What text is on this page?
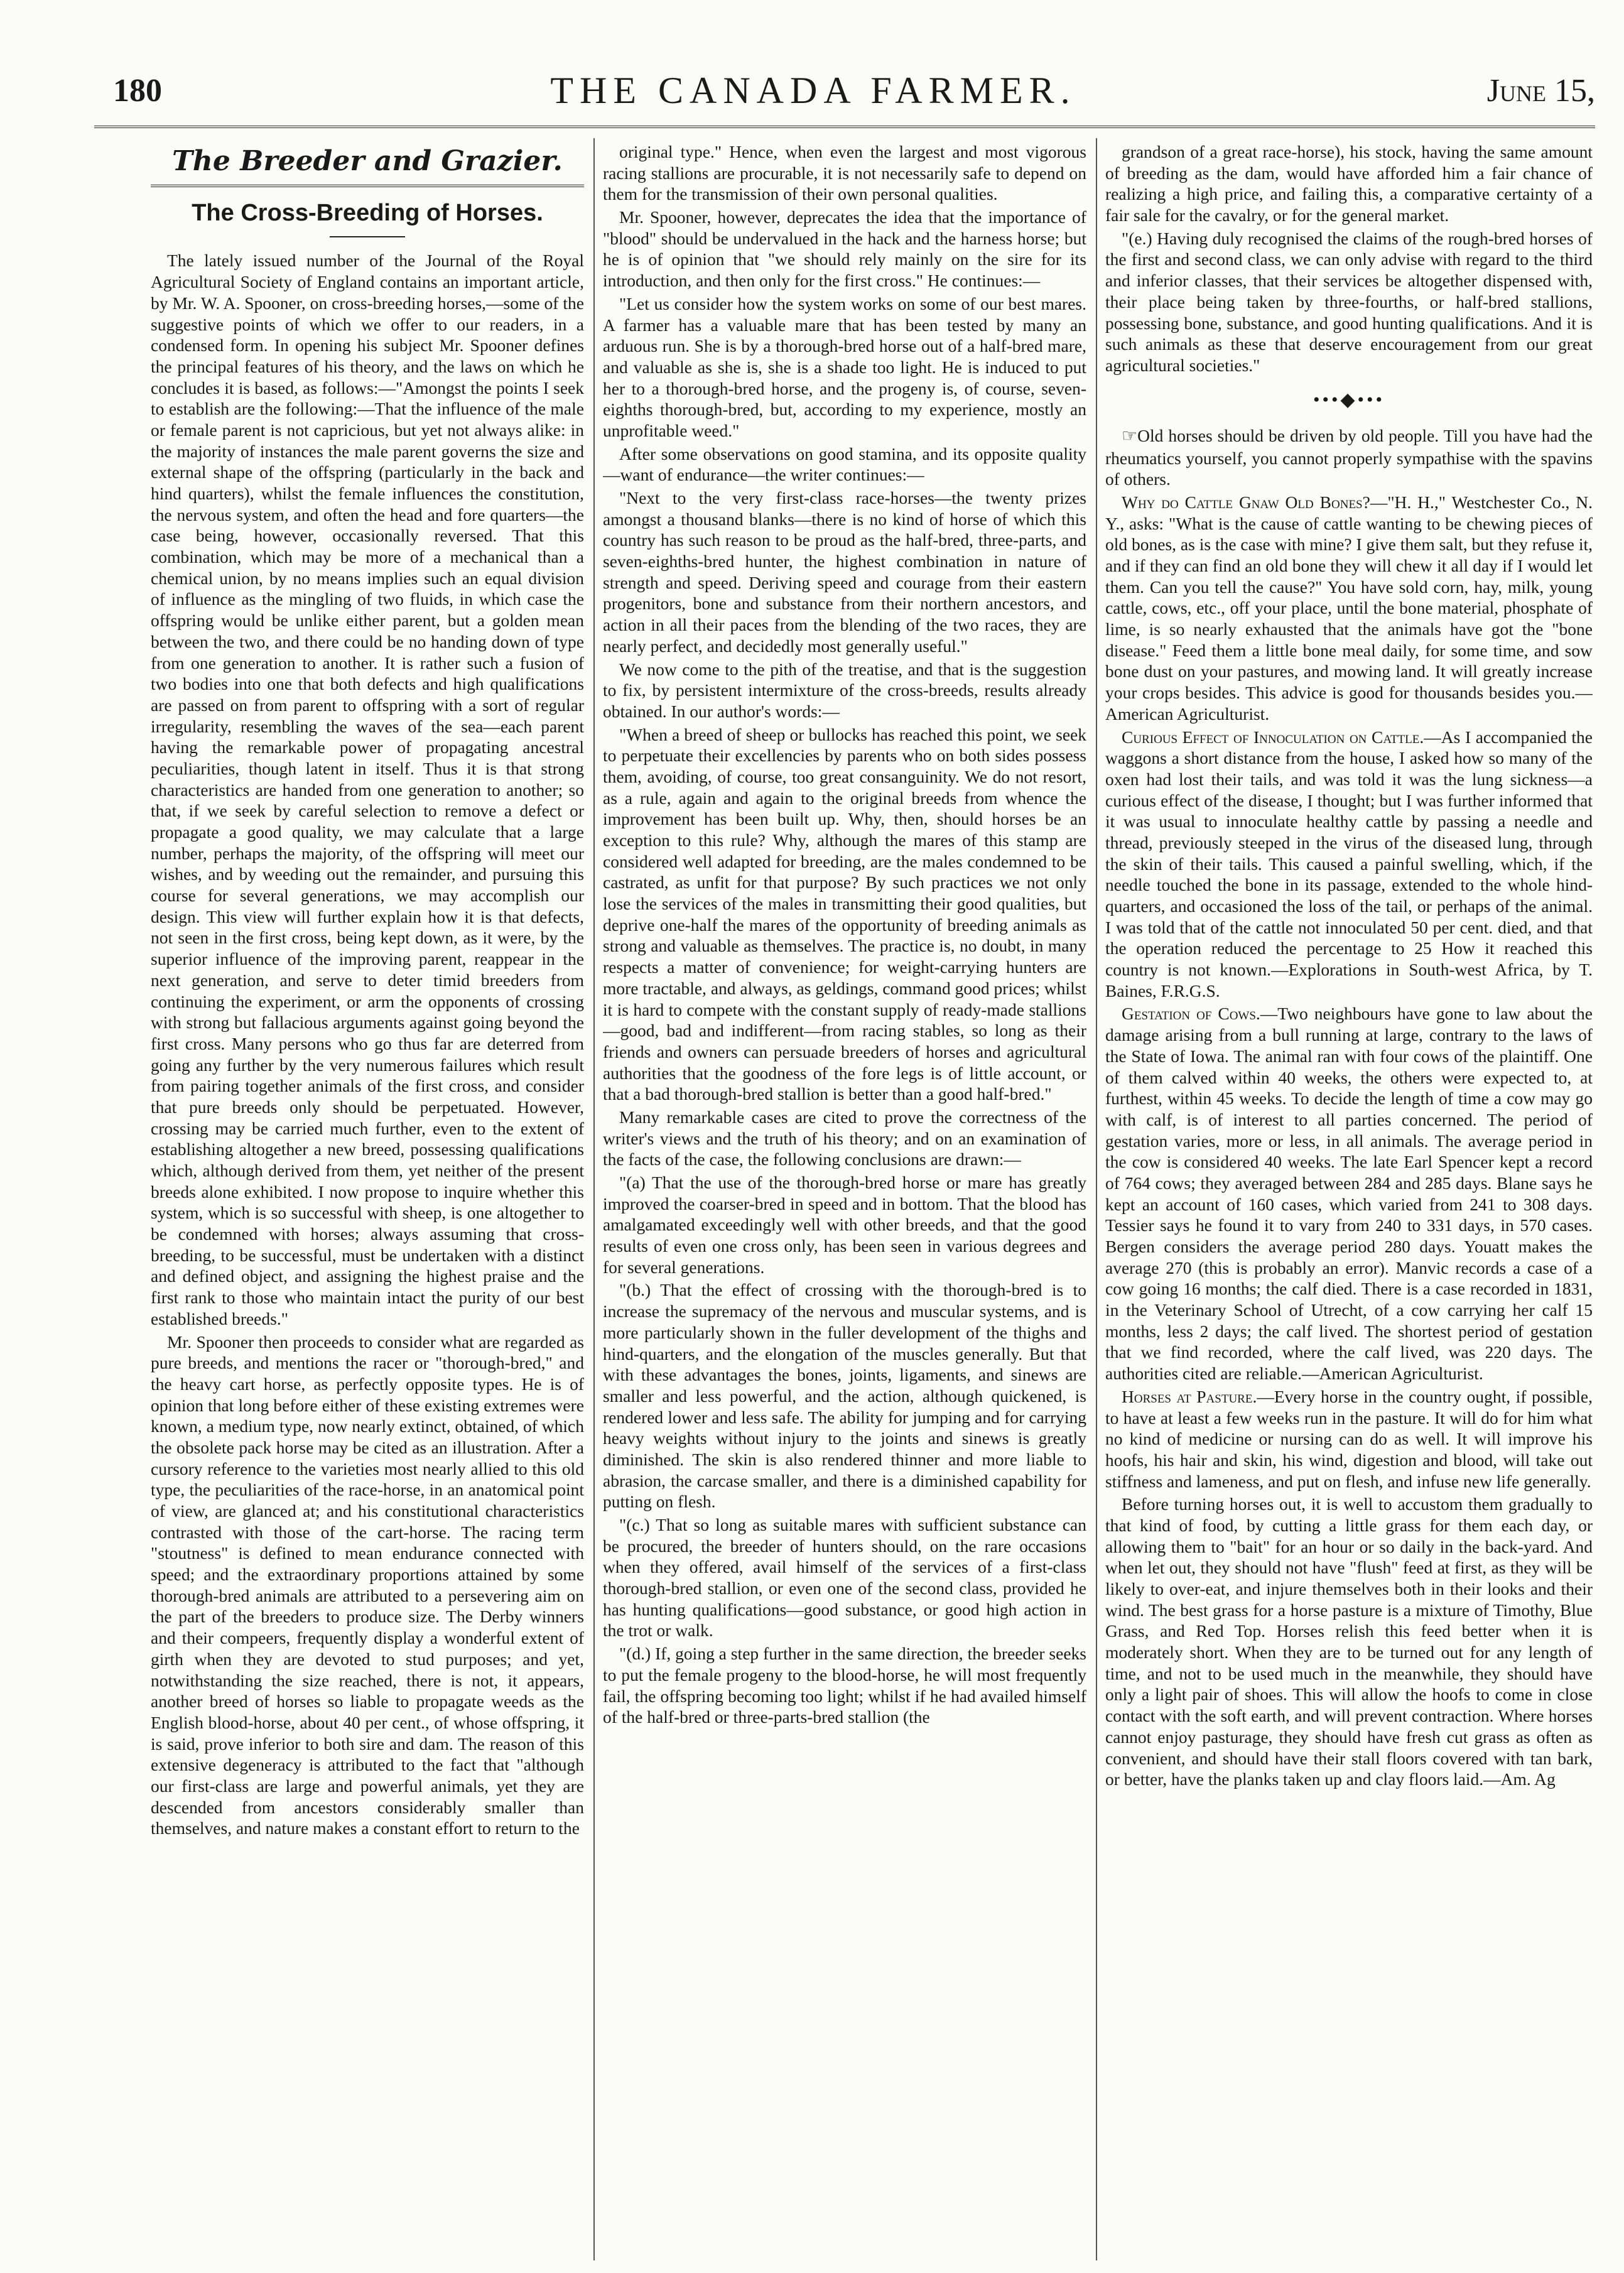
180	THE CANADA FARMER.	June 15,
The Breeder and Grazier.
The Cross-Breeding of Horses.

The lately issued number of the Journal of the Royal Agricultural Society of England contains an important article, by Mr. W. A. Spooner, on cross-breeding horses,—some of the suggestive points of which we offer to our readers, in a condensed form. In opening his subject Mr. Spooner defines the principal features of his theory, and the laws on which he concludes it is based, as follows:—"Amongst the points I seek to establish are the following:—That the influence of the male or female parent is not capricious, but yet not always alike: in the majority of instances the male parent governs the size and external shape of the offspring (particularly in the back and hind quarters), whilst the female influences the constitution, the nervous system, and often the head and fore quarters—the case being, however, occasionally reversed. That this combination, which may be more of a mechanical than a chemical union, by no means implies such an equal division of influence as the mingling of two fluids, in which case the offspring would be unlike either parent, but a golden mean between the two, and there could be no handing down of type from one generation to another. It is rather such a fusion of two bodies into one that both defects and high qualifications are passed on from parent to offspring with a sort of regular irregularity, resembling the waves of the sea—each parent having the remarkable power of propagating ancestral peculiarities, though latent in itself. Thus it is that strong characteristics are handed from one generation to another; so that, if we seek by careful selection to remove a defect or propagate a good quality, we may calculate that a large number, perhaps the majority, of the offspring will meet our wishes, and by weeding out the remainder, and pursuing this course for several generations, we may accomplish our design. This view will further explain how it is that defects, not seen in the first cross, being kept down, as it were, by the superior influence of the improving parent, reappear in the next generation, and serve to deter timid breeders from continuing the experiment, or arm the opponents of crossing with strong but fallacious arguments against going beyond the first cross. Many persons who go thus far are deterred from going any further by the very numerous failures which result from pairing together animals of the first cross, and consider that pure breeds only should be perpetuated. However, crossing may be carried much further, even to the extent of establishing altogether a new breed, possessing qualifications which, although derived from them, yet neither of the present breeds alone exhibited. I now propose to inquire whether this system, which is so successful with sheep, is one altogether to be condemned with horses; always assuming that cross-breeding, to be successful, must be undertaken with a distinct and defined object, and assigning the highest praise and the first rank to those who maintain intact the purity of our best established breeds."

Mr. Spooner then proceeds to consider what are regarded as pure breeds, and mentions the racer or "thorough-bred," and the heavy cart horse, as perfectly opposite types. He is of opinion that long before either of these existing extremes were known, a medium type, now nearly extinct, obtained, of which the obsolete pack horse may be cited as an illustration. After a cursory reference to the varieties most nearly allied to this old type, the peculiarities of the race-horse, in an anatomical point of view, are glanced at; and his constitutional characteristics contrasted with those of the cart-horse. The racing term "stoutness" is defined to mean endurance connected with speed; and the extraordinary proportions attained by some thorough-bred animals are attributed to a persevering aim on the part of the breeders to produce size. The Derby winners and their compeers, frequently display a wonderful extent of girth when they are devoted to stud purposes; and yet, notwithstanding the size reached, there is not, it appears, another breed of horses so liable to propagate weeds as the English blood-horse, about 40 per cent., of whose offspring, it is said, prove inferior to both sire and dam. The reason of this extensive degeneracy is attributed to the fact that "although our first-class are large and powerful animals, yet they are descended from ancestors considerably smaller than themselves, and nature makes a constant effort to return to the

original type." Hence, when even the largest and most vigorous racing stallions are procurable, it is not necessarily safe to depend on them for the transmission of their own personal qualities.

Mr. Spooner, however, deprecates the idea that the importance of "blood" should be undervalued in the hack and the harness horse; but he is of opinion that "we should rely mainly on the sire for its introduction, and then only for the first cross." He continues:—

"Let us consider how the system works on some of our best mares. A farmer has a valuable mare that has been tested by many an arduous run. She is by a thorough-bred horse out of a half-bred mare, and valuable as she is, she is a shade too light. He is induced to put her to a thorough-bred horse, and the progeny is, of course, seven-eighths thorough-bred, but, according to my experience, mostly an unprofitable weed."

After some observations on good stamina, and its opposite quality—want of endurance—the writer continues:—

"Next to the very first-class race-horses—the twenty prizes amongst a thousand blanks—there is no kind of horse of which this country has such reason to be proud as the half-bred, three-parts, and seven-eighths-bred hunter, the highest combination in nature of strength and speed. Deriving speed and courage from their eastern progenitors, bone and substance from their northern ancestors, and action in all their paces from the blending of the two races, they are nearly perfect, and decidedly most generally useful."

We now come to the pith of the treatise, and that is the suggestion to fix, by persistent intermixture of the cross-breeds, results already obtained. In our author's words:—

"When a breed of sheep or bullocks has reached this point, we seek to perpetuate their excellencies by parents who on both sides possess them, avoiding, of course, too great consanguinity. We do not resort, as a rule, again and again to the original breeds from whence the improvement has been built up. Why, then, should horses be an exception to this rule? Why, although the mares of this stamp are considered well adapted for breeding, are the males condemned to be castrated, as unfit for that purpose? By such practices we not only lose the services of the males in transmitting their good qualities, but deprive one-half the mares of the opportunity of breeding animals as strong and valuable as themselves. The practice is, no doubt, in many respects a matter of convenience; for weight-carrying hunters are more tractable, and always, as geldings, command good prices; whilst it is hard to compete with the constant supply of ready-made stallions—good, bad and indifferent—from racing stables, so long as their friends and owners can persuade breeders of horses and agricultural authorities that the goodness of the fore legs is of little account, or that a bad thorough-bred stallion is better than a good half-bred."

Many remarkable cases are cited to prove the correctness of the writer's views and the truth of his theory; and on an examination of the facts of the case, the following conclusions are drawn:—

"(a) That the use of the thorough-bred horse or mare has greatly improved the coarser-bred in speed and in bottom. That the blood has amalgamated exceedingly well with other breeds, and that the good results of even one cross only, has been seen in various degrees and for several generations.

"(b.) That the effect of crossing with the thorough-bred is to increase the supremacy of the nervous and muscular systems, and is more particularly shown in the fuller development of the thighs and hind-quarters, and the elongation of the muscles generally. But that with these advantages the bones, joints, ligaments, and sinews are smaller and less powerful, and the action, although quickened, is rendered lower and less safe. The ability for jumping and for carrying heavy weights without injury to the joints and sinews is greatly diminished. The skin is also rendered thinner and more liable to abrasion, the carcase smaller, and there is a diminished capability for putting on flesh.

"(c.) That so long as suitable mares with sufficient substance can be procured, the breeder of hunters should, on the rare occasions when they offered, avail himself of the services of a first-class thorough-bred stallion, or even one of the second class, provided he has hunting qualifications—good substance, or good high action in the trot or walk.

"(d.) If, going a step further in the same direction, the breeder seeks to put the female progeny to the blood-horse, he will most frequently fail, the offspring becoming too light; whilst if he had availed himself of the half-bred or three-parts-bred stallion (the

grandson of a great race-horse), his stock, having the same amount of breeding as the dam, would have afforded him a fair chance of realizing a high price, and failing this, a comparative certainty of a fair sale for the cavalry, or for the general market.

"(e.) Having duly recognised the claims of the rough-bred horses of the first and second class, we can only advise with regard to the third and inferior classes, that their services be altogether dispensed with, their place being taken by three-fourths, or half-bred stallions, possessing bone, substance, and good hunting qualifications. And it is such animals as these that deserve encouragement from our great agricultural societies."

•••◆•••

☞Old horses should be driven by old people. Till you have had the rheumatics yourself, you cannot properly sympathise with the spavins of others.

Why do Cattle Gnaw Old Bones?—"H. H.," Westchester Co., N. Y., asks: "What is the cause of cattle wanting to be chewing pieces of old bones, as is the case with mine? I give them salt, but they refuse it, and if they can find an old bone they will chew it all day if I would let them. Can you tell the cause?" You have sold corn, hay, milk, young cattle, cows, etc., off your place, until the bone material, phosphate of lime, is so nearly exhausted that the animals have got the "bone disease." Feed them a little bone meal daily, for some time, and sow bone dust on your pastures, and mowing land. It will greatly increase your crops besides. This advice is good for thousands besides you.—American Agriculturist.

Curious Effect of Innoculation on Cattle.—As I accompanied the waggons a short distance from the house, I asked how so many of the oxen had lost their tails, and was told it was the lung sickness—a curious effect of the disease, I thought; but I was further informed that it was usual to innoculate healthy cattle by passing a needle and thread, previously steeped in the virus of the diseased lung, through the skin of their tails. This caused a painful swelling, which, if the needle touched the bone in its passage, extended to the whole hind-quarters, and occasioned the loss of the tail, or perhaps of the animal. I was told that of the cattle not innoculated 50 per cent. died, and that the operation reduced the percentage to 25 How it reached this country is not known.—Explorations in South-west Africa, by T. Baines, F.R.G.S.

Gestation of Cows.—Two neighbours have gone to law about the damage arising from a bull running at large, contrary to the laws of the State of Iowa. The animal ran with four cows of the plaintiff. One of them calved within 40 weeks, the others were expected to, at furthest, within 45 weeks. To decide the length of time a cow may go with calf, is of interest to all parties concerned. The period of gestation varies, more or less, in all animals. The average period in the cow is considered 40 weeks. The late Earl Spencer kept a record of 764 cows; they averaged between 284 and 285 days. Blane says he kept an account of 160 cases, which varied from 241 to 308 days. Tessier says he found it to vary from 240 to 331 days, in 570 cases. Bergen considers the average period 280 days. Youatt makes the average 270 (this is probably an error). Manvic records a case of a cow going 16 months; the calf died. There is a case recorded in 1831, in the Veterinary School of Utrecht, of a cow carrying her calf 15 months, less 2 days; the calf lived. The shortest period of gestation that we find recorded, where the calf lived, was 220 days. The authorities cited are reliable.—American Agriculturist.

Horses at Pasture.—Every horse in the country ought, if possible, to have at least a few weeks run in the pasture. It will do for him what no kind of medicine or nursing can do as well. It will improve his hoofs, his hair and skin, his wind, digestion and blood, will take out stiffness and lameness, and put on flesh, and infuse new life generally.

Before turning horses out, it is well to accustom them gradually to that kind of food, by cutting a little grass for them each day, or allowing them to "bait" for an hour or so daily in the back-yard. And when let out, they should not have "flush" feed at first, as they will be likely to over-eat, and injure themselves both in their looks and their wind. The best grass for a horse pasture is a mixture of Timothy, Blue Grass, and Red Top. Horses relish this feed better when it is moderately short. When they are to be turned out for any length of time, and not to be used much in the meanwhile, they should have only a light pair of shoes. This will allow the hoofs to come in close contact with the soft earth, and will prevent contraction. Where horses cannot enjoy pasturage, they should have fresh cut grass as often as convenient, and should have their stall floors covered with tan bark, or better, have the planks taken up and clay floors laid.—Am. Ag
